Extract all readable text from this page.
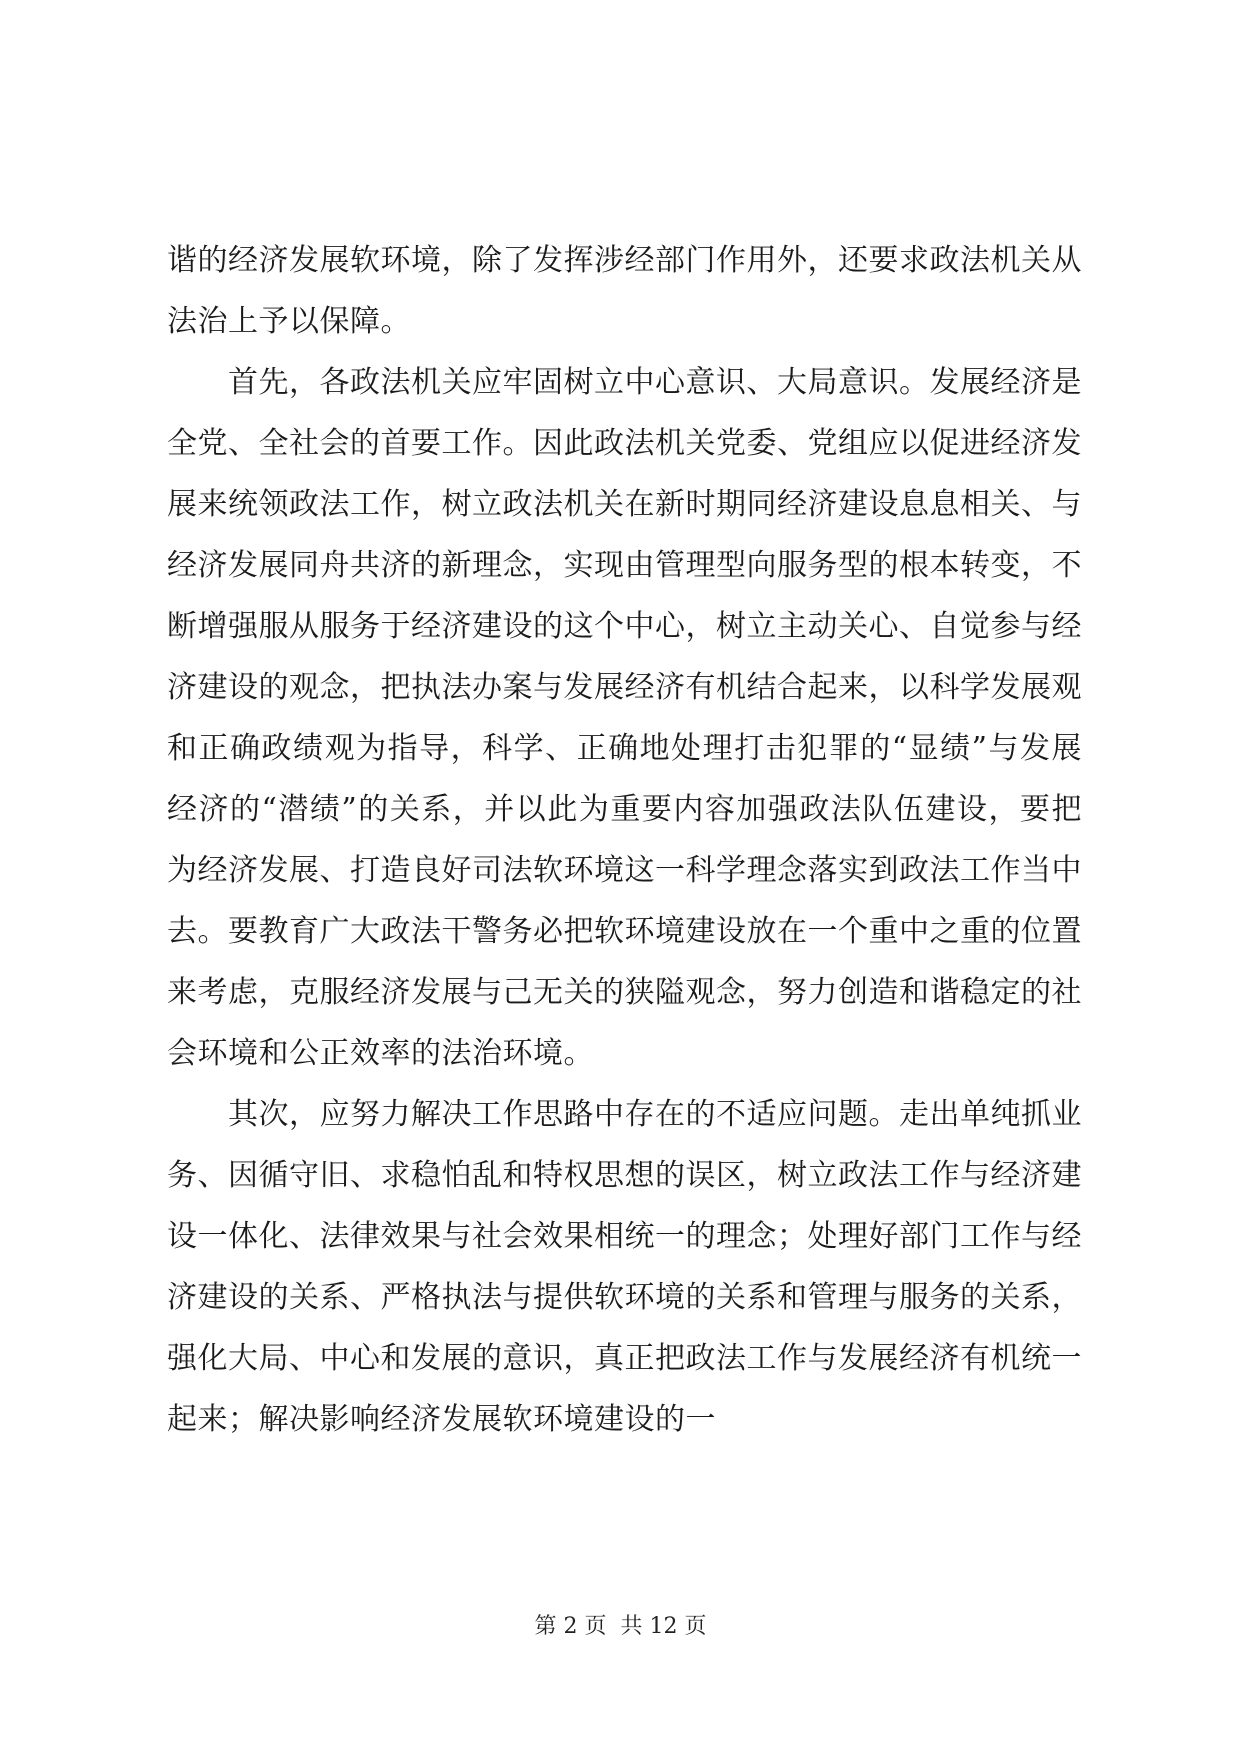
谐的经济发展软环境，除了发挥涉经部门作用外，还要求政法机关从法治上予以保障。

首先，各政法机关应牢固树立中心意识、大局意识。发展经济是全党、全社会的首要工作。因此政法机关党委、党组应以促进经济发展来统领政法工作，树立政法机关在新时期同经济建设息息相关、与经济发展同舟共济的新理念，实现由管理型向服务型的根本转变，不断增强服从服务于经济建设的这个中心，树立主动关心、自觉参与经济建设的观念，把执法办案与发展经济有机结合起来，以科学发展观和正确政绩观为指导，科学、正确地处理打击犯罪的“显绩”与发展经济的“潜绩”的关系，并以此为重要内容加强政法队伍建设，要把为经济发展、打造良好司法软环境这一科学理念落实到政法工作当中去。要教育广大政法干警务必把软环境建设放在一个重中之重的位置来考虑，克服经济发展与己无关的狭隘观念，努力创造和谐稳定的社会环境和公正效率的法治环境。

其次，应努力解决工作思路中存在的不适应问题。走出单纯抓业务、因循守旧、求稳怕乱和特权思想的误区，树立政法工作与经济建设一体化、法律效果与社会效果相统一的理念；处理好部门工作与经济建设的关系、严格执法与提供软环境的关系和管理与服务的关系，强化大局、中心和发展的意识，真正把政法工作与发展经济有机统一起来；解决影响经济发展软环境建设的一

第 2 页  共 12 页
